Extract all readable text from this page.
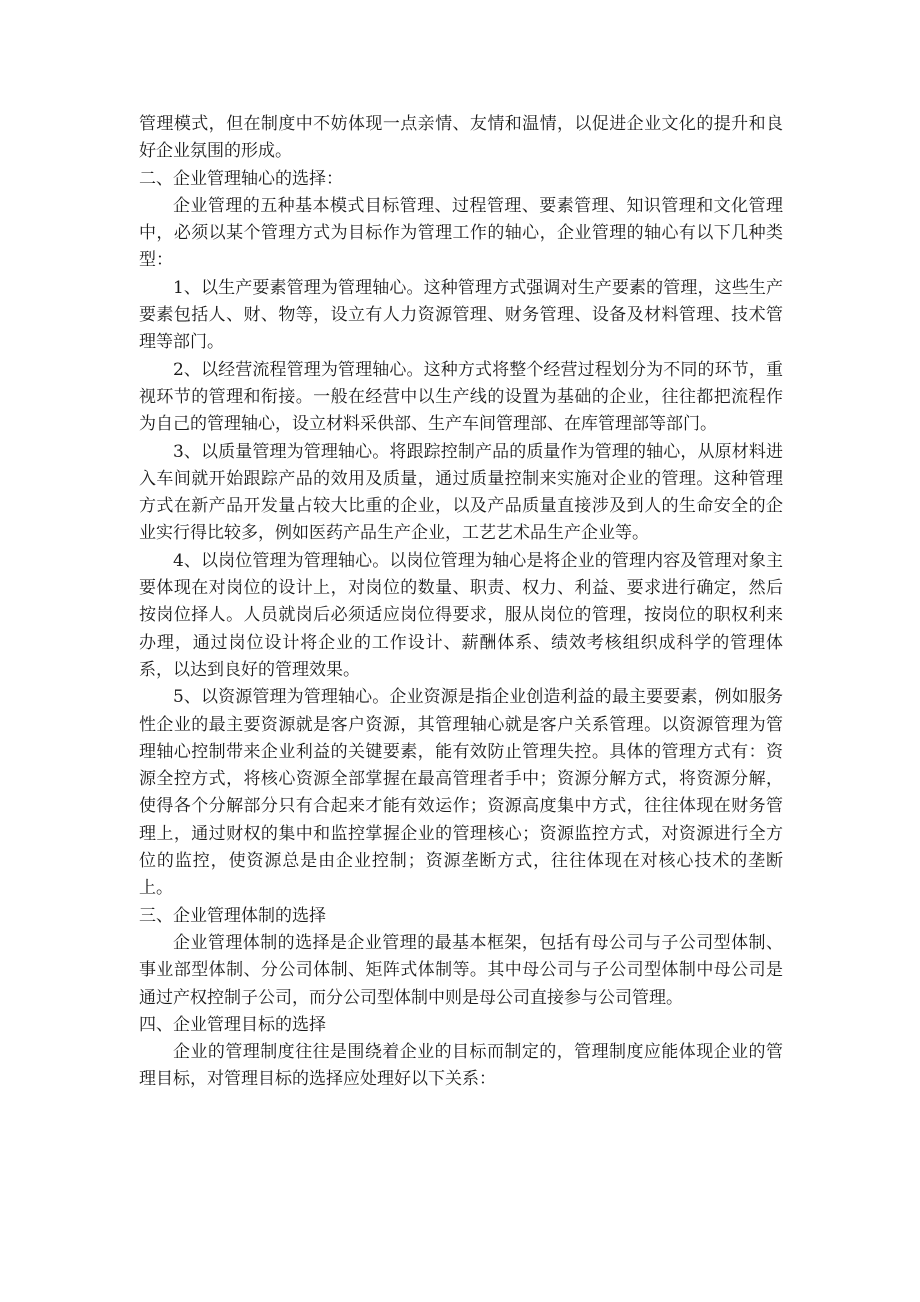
管理模式，但在制度中不妨体现一点亲情、友情和温情，以促进企业文化的提升和良好企业氛围的形成。

二、企业管理轴心的选择：

企业管理的五种基本模式目标管理、过程管理、要素管理、知识管理和文化管理中，必须以某个管理方式为目标作为管理工作的轴心，企业管理的轴心有以下几种类型：

1、以生产要素管理为管理轴心。这种管理方式强调对生产要素的管理，这些生产要素包括人、财、物等，设立有人力资源管理、财务管理、设备及材料管理、技术管理等部门。

2、以经营流程管理为管理轴心。这种方式将整个经营过程划分为不同的环节，重视环节的管理和衔接。一般在经营中以生产线的设置为基础的企业，往往都把流程作为自己的管理轴心，设立材料采供部、生产车间管理部、在库管理部等部门。

3、以质量管理为管理轴心。将跟踪控制产品的质量作为管理的轴心，从原材料进入车间就开始跟踪产品的效用及质量，通过质量控制来实施对企业的管理。这种管理方式在新产品开发量占较大比重的企业，以及产品质量直接涉及到人的生命安全的企业实行得比较多，例如医药产品生产企业，工艺艺术品生产企业等。

4、以岗位管理为管理轴心。以岗位管理为轴心是将企业的管理内容及管理对象主要体现在对岗位的设计上，对岗位的数量、职责、权力、利益、要求进行确定，然后按岗位择人。人员就岗后必须适应岗位得要求，服从岗位的管理，按岗位的职权利来办理，通过岗位设计将企业的工作设计、薪酬体系、绩效考核组织成科学的管理体系，以达到良好的管理效果。

5、以资源管理为管理轴心。企业资源是指企业创造利益的最主要要素，例如服务性企业的最主要资源就是客户资源，其管理轴心就是客户关系管理。以资源管理为管理轴心控制带来企业利益的关键要素，能有效防止管理失控。具体的管理方式有：资源全控方式，将核心资源全部掌握在最高管理者手中；资源分解方式，将资源分解，使得各个分解部分只有合起来才能有效运作；资源高度集中方式，往往体现在财务管理上，通过财权的集中和监控掌握企业的管理核心；资源监控方式，对资源进行全方位的监控，使资源总是由企业控制；资源垄断方式，往往体现在对核心技术的垄断上。

三、企业管理体制的选择

企业管理体制的选择是企业管理的最基本框架，包括有母公司与子公司型体制、事业部型体制、分公司体制、矩阵式体制等。其中母公司与子公司型体制中母公司是通过产权控制子公司，而分公司型体制中则是母公司直接参与公司管理。

四、企业管理目标的选择

企业的管理制度往往是围绕着企业的目标而制定的，管理制度应能体现企业的管理目标，对管理目标的选择应处理好以下关系：
